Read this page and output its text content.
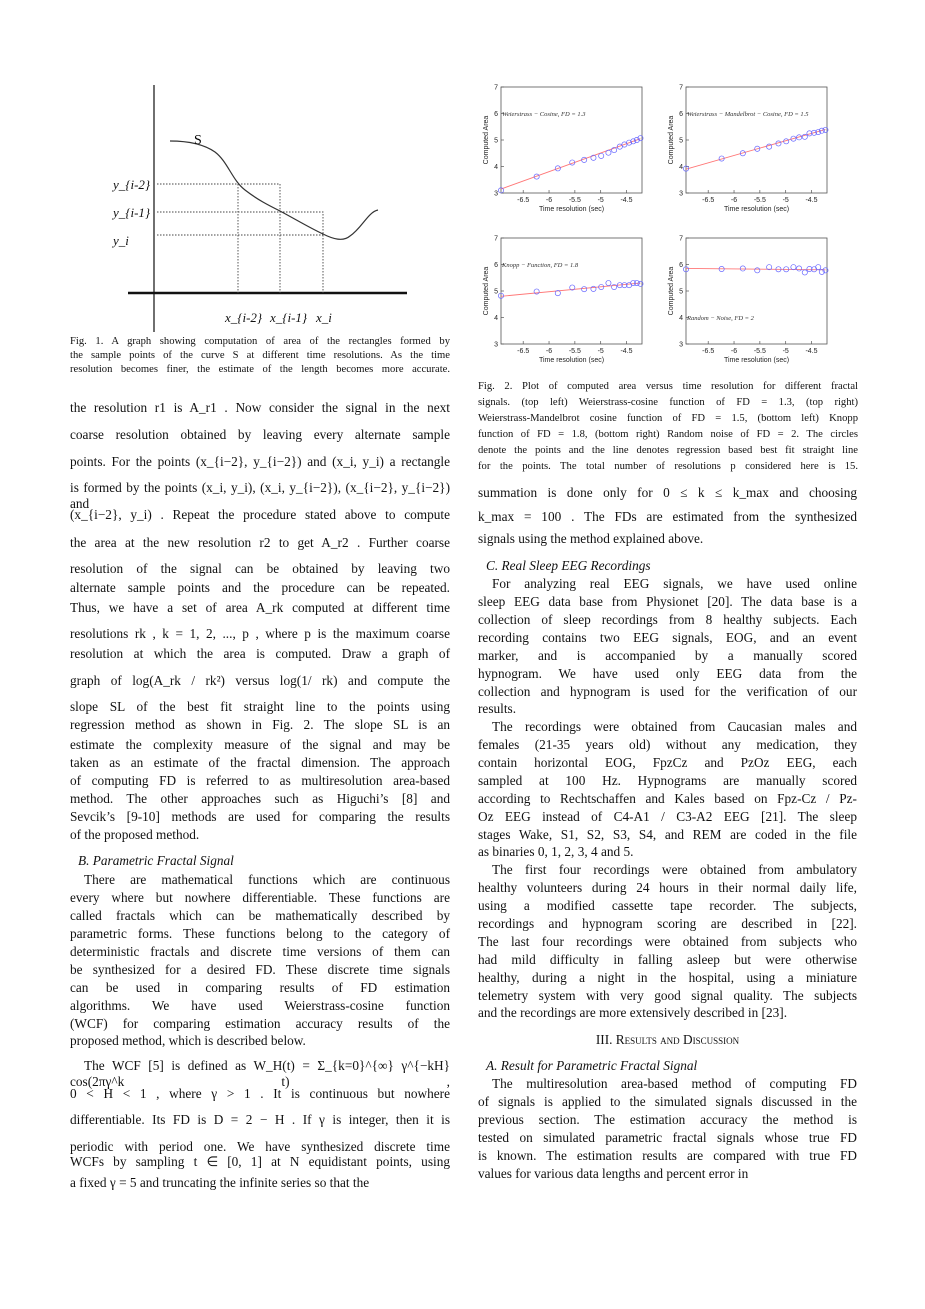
S
y_{i-2}
y_{i-1}
y_i
x_{i-2} x_{i-1} x_i
-6.5 -6 -5.5 -5 -4.5
3
4
5
6
7
Time resolution (sec)
Computed Area
Weierstrass − Cosine, FD = 1.3
-6.5 -6 -5.5 -5 -4.5
3
4
5
6
7
Time resolution (sec)
Computed Area
Weierstrass − Mandelbrot − Cosine, FD = 1.5
-6.5 -6 -5.5 -5 -4.5
3
4
5
6
7
Time resolution (sec)
Computed Area
Knopp − Function, FD = 1.8
-6.5 -6 -5.5 -5 -4.5
3
4
5
6
7
Time resolution (sec)
Computed Area
Random − Noise, FD = 2
Fig. 1. A graph showing computation of area of the rectangles formed by
the sample points of the curve S at different time resolutions. As the time
resolution becomes finer, the estimate of the length becomes more accurate.
Fig. 2. Plot of computed area versus time resolution for different fractal
signals. (top left) Weierstrass-cosine function of FD = 1.3, (top right)
Weierstrass-Mandelbrot cosine function of FD = 1.5, (bottom left) Knopp
function of FD = 1.8, (bottom right) Random noise of FD = 2. The circles
denote the points and the line denotes regression based best fit straight line
for the points. The total number of resolutions p considered here is 15.
the resolution r1 is A_r1 . Now consider the signal in the next
coarse resolution obtained by leaving every alternate sample
points. For the points (x_{i−2}, y_{i−2}) and (x_i, y_i) a rectangle
is formed by the points (x_i, y_i), (x_i, y_{i−2}), (x_{i−2}, y_{i−2}) and
(x_{i−2}, y_i) . Repeat the procedure stated above to compute
the area at the new resolution r2 to get A_r2 . Further coarse
resolution of the signal can be obtained by leaving two
alternate sample points and the procedure can be repeated.
Thus, we have a set of area A_rk computed at different time
resolutions rk , k = 1, 2, ..., p , where p is the maximum coarse
resolution at which the area is computed. Draw a graph of
graph of log(A_rk / rk²) versus log(1/ rk) and compute the
slope SL of the best fit straight line to the points using
regression method as shown in Fig. 2. The slope SL is an
estimate the complexity measure of the signal and may be
taken as an estimate of the fractal dimension. The approach
of computing FD is referred to as multiresolution area-based
method. The other approaches such as Higuchi’s [8] and
Sevcik’s [9-10] methods are used for comparing the results
of the proposed method.
B. Parametric Fractal Signal
There are mathematical functions which are continuous
every where but nowhere differentiable. These functions are
called fractals which can be mathematically described by
parametric forms. These functions belong to the category of
deterministic fractals and discrete time versions of them can
be synthesized for a desired FD. These discrete time signals
can be used in comparing results of FD estimation
algorithms. We have used Weierstrass-cosine function
(WCF) for comparing estimation accuracy results of the
proposed method, which is described below.
The WCF [5] is defined as W_H(t) = Σ_{k=0}^{∞} γ^{−kH} cos(2πγ^k t) ,
0 < H < 1 , where γ > 1 . It is continuous but nowhere
differentiable. Its FD is D = 2 − H . If γ is integer, then it is
periodic with period one. We have synthesized discrete time
WCFs by sampling t ∈ [0, 1] at N equidistant points, using
a fixed γ = 5 and truncating the infinite series so that the
summation is done only for 0 ≤ k ≤ k_max and choosing
k_max = 100 . The FDs are estimated from the synthesized
signals using the method explained above.
C. Real Sleep EEG Recordings
For analyzing real EEG signals, we have used online
sleep EEG data base from Physionet [20]. The data base is a
collection of sleep recordings from 8 healthy subjects. Each
recording contains two EEG signals, EOG, and an event
marker, and is accompanied by a manually scored
hypnogram. We have used only EEG data from the
collection and hypnogram is used for the verification of our
results.
The recordings were obtained from Caucasian males and
females (21-35 years old) without any medication, they
contain horizontal EOG, FpzCz and PzOz EEG, each
sampled at 100 Hz. Hypnograms are manually scored
according to Rechtschaffen and Kales based on Fpz-Cz / Pz-
Oz EEG instead of C4-A1 / C3-A2 EEG [21]. The sleep
stages Wake, S1, S2, S3, S4, and REM are coded in the file
as binaries 0, 1, 2, 3, 4 and 5.
The first four recordings were obtained from ambulatory
healthy volunteers during 24 hours in their normal daily life,
using a modified cassette tape recorder. The subjects,
recordings and hypnogram scoring are described in [22].
The last four recordings were obtained from subjects who
had mild difficulty in falling asleep but were otherwise
healthy, during a night in the hospital, using a miniature
telemetry system with very good signal quality. The subjects
and the recordings are more extensively described in [23].
III. Results and Discussion
A. Result for Parametric Fractal Signal
The multiresolution area-based method of computing FD
of signals is applied to the simulated signals discussed in the
previous section. The estimation accuracy the method is
tested on simulated parametric fractal signals whose true FD
is known. The estimation results are compared with true FD
values for various data lengths and percent error in
